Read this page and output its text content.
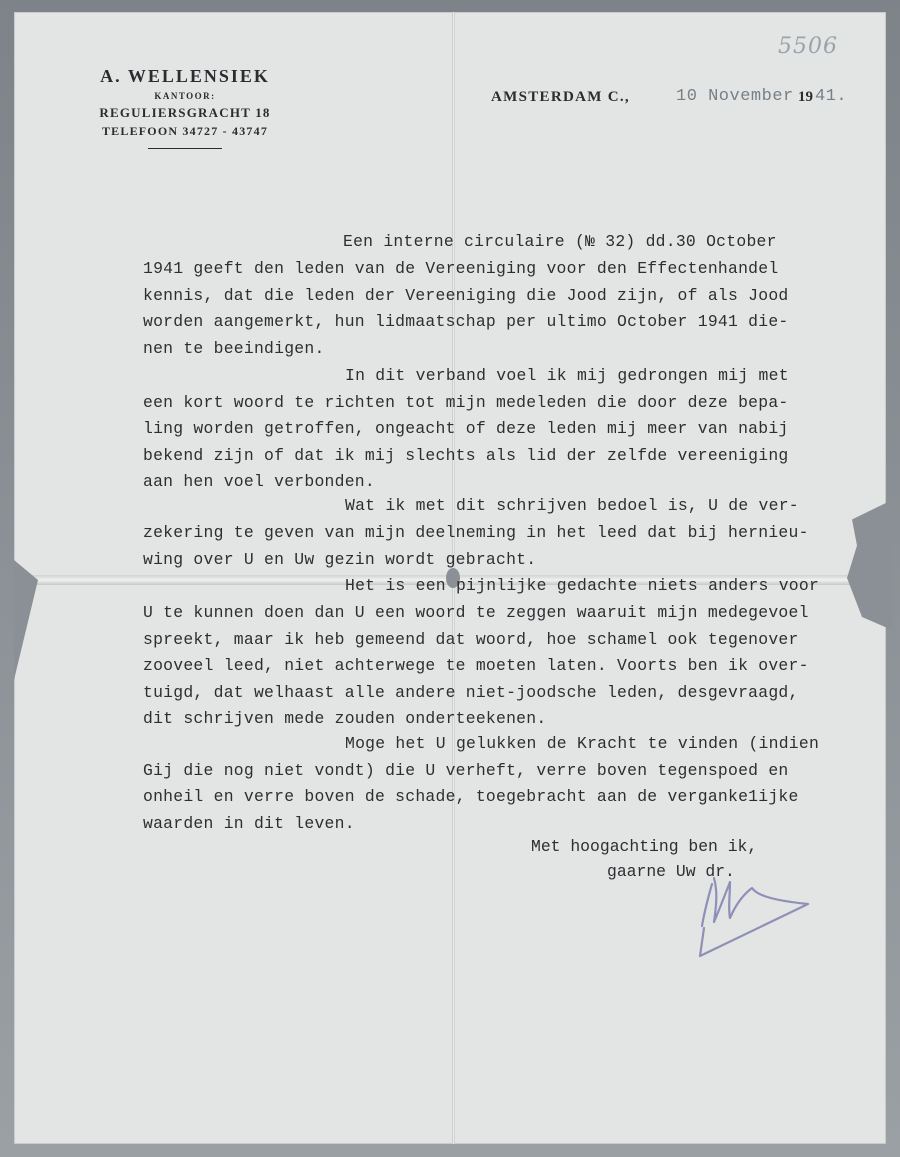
A. WELLENSIEK
KANTOOR:
REGULIERSGRACHT 18
TELEFOON 34727 - 43747
5506
AMSTERDAM C.,	10 November 19 41.
Een interne circulaire (№ 32) dd.30 October
1941 geeft den leden van de Vereeniging voor den Effectenhandel
kennis, dat die leden der Vereeniging die Jood zijn, of als Jood
worden aangemerkt, hun lidmaatschap per ultimo October 1941 die-
nen te beeindigen.
In dit verband voel ik mij gedrongen mij met
een kort woord te richten tot mijn medeleden die door deze bepa-
ling worden getroffen, ongeacht of deze leden mij meer van nabij
bekend zijn of dat ik mij slechts als lid der zelfde vereeniging
aan hen voel verbonden.
Wat ik met dit schrijven bedoel is, U de ver-
zekering te geven van mijn deelneming in het leed dat bij hernieu-
wing over U en Uw gezin wordt gebracht.
Het is een pijnlijke gedachte niets anders voor
U te kunnen doen dan U een woord te zeggen waaruit mijn medegevoel
spreekt, maar ik heb gemeend dat woord, hoe schamel ook tegenover
zooveel leed, niet achterwege te moeten laten. Voorts ben ik over-
tuigd, dat welhaast alle andere niet-joodsche leden, desgevraagd,
dit schrijven mede zouden onderteekenen.
Moge het U gelukken de Kracht te vinden (indien
Gij die nog niet vondt) die U verheft, verre boven tegenspoed en
onheil en verre boven de schade, toegebracht aan de verganke1ijke
waarden in dit leven.
Met hoogachting ben ik,
gaarne Uw dr.
